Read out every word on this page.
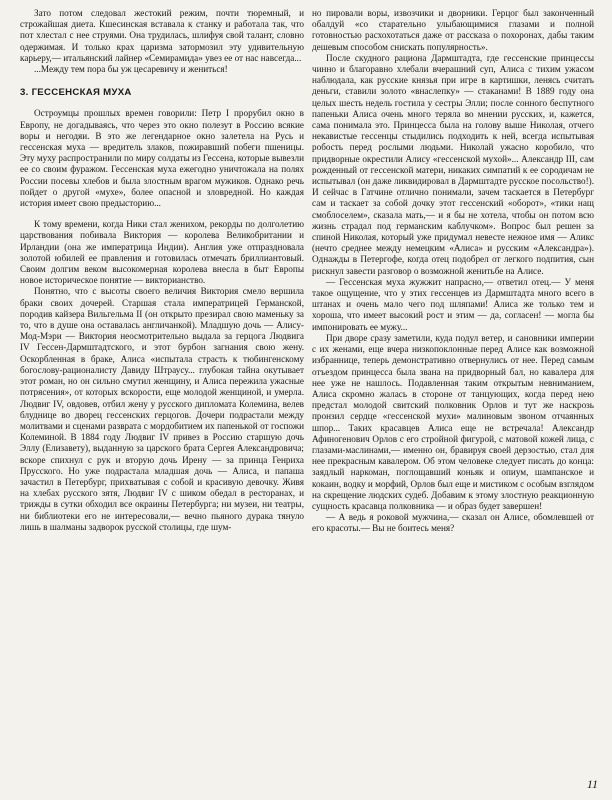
Зато потом следовал жестокий режим, почти тюремный, и строжайшая диета. Кшесинская вставала к станку и работала так, что пот хлестал с нее струями. Она трудилась, шлифуя свой талант, словно одержимая. И только крах царизма затормозил эту удивительную карьеру,— итальянский лайнер «Семирамида» увез ее от нас навсегда...

...Между тем пора бы уж цесаревичу и жениться!

3. ГЕССЕНСКАЯ МУХА

Остроумцы прошлых времен говорили: Петр I прорубил окно в Европу, не догадываясь, что через это окно полезут в Россию всякие воры и негодяи. В это же легендарное окно залетела на Русь и гессенская муха — вредитель злаков, пожиравший побеги пшеницы. Эту муху распространили по миру солдаты из Гессена, которые вывезли ее со своим фуражом. Гессенская муха ежегодно уничтожала на полях Росcии посевы хлебов и была злостным врагом мужиков. Однако речь пойдет о другой «мухе», более опасной и зловредной. Но каждая история имеет свою предысторию...

К тому времени, когда Ники стал женихом, рекорды по долголетию царствования побивала Виктория — королева Великобритании и Ирландии (она же императрица Индии). Англия уже отпраздновала золотой юбилей ее правления и готовилась отмечать бриллиантовый. Своим долгим веком высокомерная королева внесла в быт Европы новое историческое понятие — викторианство.

Понятно, что с высоты своего величия Виктория смело вершила браки своих дочерей. Старшая стала императрицей Германской, породив кайзера Вильгельма II (он открыто презирал свою маменьку за то, что в душе она оставалась англичанкой). Младшую дочь — Алису-Мод-Мэри — Виктория неосмотрительно выдала за герцога Людвига IV Гессен-Дармштадтского, и этот бурбон загнания свою жену. Оскорбленная в браке, Алиса «испытала страсть к тюбингенскому богослову-рационалисту Давиду Штраусу... глубокая тайна окутывает этот роман, но он сильно смутил женщину, и Алиса пережила ужасные потрясения», от которых вскорости, еще молодой женщиной, и умерла. Людвиг IV, овдовев, отбил жену у русского дипломата Колемина, велев блуднице во дворец гессенских герцогов. Дочери подрастали между молитвами и сценами разврата с мордобитием их папенькой от госпожи Колеминой. В 1884 году Людвиг IV привез в Россию старшую дочь Эллу (Елизавету), выданную за царского брата Сергея Александровича; вскоре спихнул с рук и вторую дочь Ирену — за принца Генриха Прусского. Но уже подрастала младшая дочь — Алиса, и папаша зачастил в Петербург, прихватывая с собой и красивую девочку. Живя на хлебах русского зятя, Людвиг IV с шиком обедал в ресторанах, и трижды в сутки обходил все окраины Петербурга; ни музеи, ни театры, ни библиотеки его не интересовали,— вечно пьяного дурака тянуло лишь в шалманы задворок русской столицы, где шум-

но пировали воры, извозчики и дворники. Герцог был законченный обалдуй «со старательно улыбающимися глазами и полной готовностью расхохотаться даже от рассказа о похоронах, дабы таким дешевым способом снискать популярность».

После скудного рациона Дармштадта, где гессенские принцессы чинно и благоравно хлебали вчерашний суп, Алиса с тихим ужасом наблюдала, как русские князья при игре в картишки, ленясь считать деньги, ставили золото «внаслепку» — стаканами! В 1889 году она целых шесть недель гостила у сестры Элли; после сонного беспутного папеньки Алиса очень много теряла во мнении русских, и, кажется, сама понимала это. Принцесса была на голову выше Николая, отчего некавистые гессенцы стыдились подходить к ней, всегда испытывая робость перед рослыми людьми. Николай ужасно коробило, что придворные окрестили Алису «гессенской мухой»... Александр III, сам рожденный от гессенской матери, никаких симпатий к ее сородичам не испытывал (он даже ликвидировал в Дармштадте русское посольство!). И сейчас в Гатчине отлично понимали, зачем таскается в Петербург сам и таскает за собой дочку этот гессенский «оборот», «тики нащ смоблоселем», сказала мать,— и я бы не хотела, чтобы он потом всю жизнь страдал под германским каблучком». Вопрос был решен за спиной Николая, который уже придумал невесте нежное имя — Аликс (нечто среднее между немецким «Алиса» и русским «Александра»). Однажды в Петергофе, когда отец подобрел от легкого подпития, сын рискнул завести разговор о возможной женитьбе на Алисе.

— Гессенская муха жужжит напрасно,— ответил отец.— У меня такое ощущение, что у этих гессенцев из Дармштадта много всего в штанах и очень мало чего под шляпами! Алиса же только тем и хороша, что имеет высокий рост и этим — да, согласен! — могла бы импонировать ее мужу...

При дворе сразу заметили, куда подул ветер, и сановники империи с их женами, еще вчера низкопоклонные перед Алисе как возможной избраннице, теперь демонстративно отвернулись от нее. Перед самым отъездом принцесса была звана на придворный бал, но кавалера для нее уже не нашлось. Подавленная таким открытым невниманием, Алиса скромно жалась в стороне от танцующих, когда перед нею предстал молодой свитский полковник Орлов и тут же наскрозь пронзил сердце «гессенской мухи» малиновым звоном отчаянных шпор... Таких красавцев Алиса еще не встречала! Александр Афиногенович Орлов с его стройной фигурой, с матовой кожей лица, с глазами-маслинами,— именно он, бравируя своей дерзостью, стал для нее прекрасным кавалером. Об этом человеке следует писать до конца: заядлый наркоман, поглощавший коньяк и опиум, шампанское и кокаин, водку и морфий, Орлов был еще и мистиком с особым взглядом на скрещение людских судеб. Добавим к этому злостную реакционную сущность красавца полковника — и образ будет завершен!

— А ведь я роковой мужчина,— сказал он Алисе, обомлевшей от его красоты.— Вы не боитесь меня?

11
